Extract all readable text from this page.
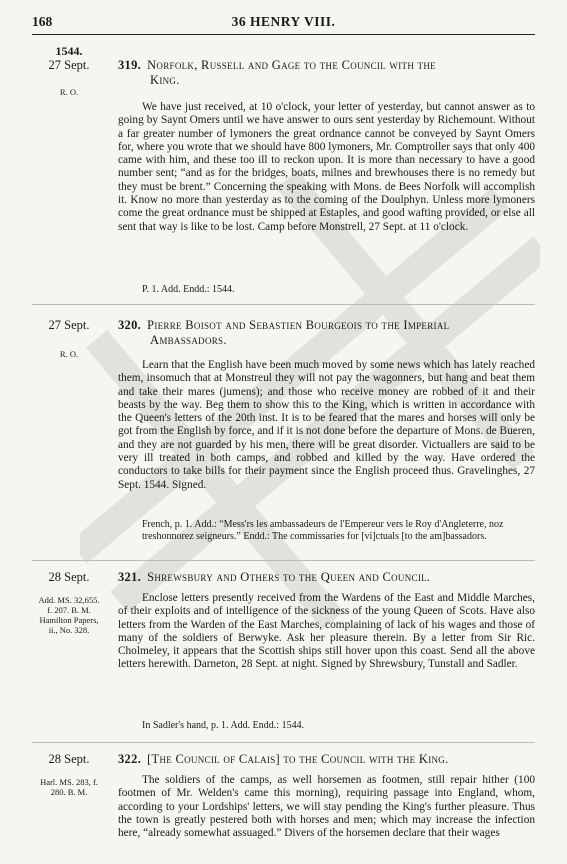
168	36 HENRY VIII.
1544.
27 Sept.
R. O.
319. Norfolk, Russell and Gage to the Council with the
King.
We have just received, at 10 o'clock, your letter of yesterday, but cannot answer as to going by Saynt Omers until we have answer to ours sent yesterday by Richemount. Without a far greater number of lymoners the great ordnance cannot be conveyed by Saynt Omers for, where you wrote that we should have 800 lymoners, Mr. Comptroller says that only 400 came with him, and these too ill to reckon upon. It is more than necessary to have a good number sent; “and as for the bridges, boats, milnes and brewhouses there is no remedy but they must be brent.” Concerning the speaking with Mons. de Bees Norfolk will accomplish it. Know no more than yesterday as to the coming of the Doulphyn. Unless more lymoners come the great ordnance must be shipped at Estaples, and good wafting provided, or else all sent that way is like to be lost. Camp before Monstrell, 27 Sept. at 11 o'clock.
P. 1. Add. Endd.: 1544.
27 Sept.
R. O.
320. Pierre Boisot and Sebastien Bourgeois to the Imperial
Ambassadors.
Learn that the English have been much moved by some news which has lately reached them, insomuch that at Monstreul they will not pay the wagonners, but hang and beat them and take their mares (jumens); and those who receive money are robbed of it and their beasts by the way. Beg them to show this to the King, which is written in accordance with the Queen's letters of the 20th inst. It is to be feared that the mares and horses will only be got from the English by force, and if it is not done before the departure of Mons. de Bueren, and they are not guarded by his men, there will be great disorder. Victuallers are said to be very ill treated in both camps, and robbed and killed by the way. Have ordered the conductors to take bills for their payment since the English proceed thus. Gravelinghes, 27 Sept. 1544. Signed.
French, p. 1. Add.: “Mess'rs les ambassadeurs de l'Empereur vers le Roy d'Angleterre, noz treshonnorez seigneurs.” Endd.: The commissaries for [vi]ctuals [to the am]bassadors.
28 Sept.
Add. MS. 32,655. f. 207. B. M. Hamilton Papers, ii., No. 328.
321. Shrewsbury and Others to the Queen and Council.
Enclose letters presently received from the Wardens of the East and Middle Marches, of their exploits and of intelligence of the sickness of the young Queen of Scots. Have also letters from the Warden of the East Marches, complaining of lack of his wages and those of many of the soldiers of Berwyke. Ask her pleasure therein. By a letter from Sir Ric. Cholmeley, it appears that the Scottish ships still hover upon this coast. Send all the above letters herewith. Darneton, 28 Sept. at night. Signed by Shrewsbury, Tunstall and Sadler.
In Sadler's hand, p. 1. Add. Endd.: 1544.
28 Sept.
Harl. MS. 283, f. 280. B. M.
322. [The Council of Calais] to the Council with the King.
The soldiers of the camps, as well horsemen as footmen, still repair hither (100 footmen of Mr. Welden's came this morning), requiring passage into England, whom, according to your Lordships' letters, we will stay pending the King's further pleasure. Thus the town is greatly pestered both with horses and men; which may increase the infection here, “already somewhat assuaged.” Divers of the horsemen declare that their wages
